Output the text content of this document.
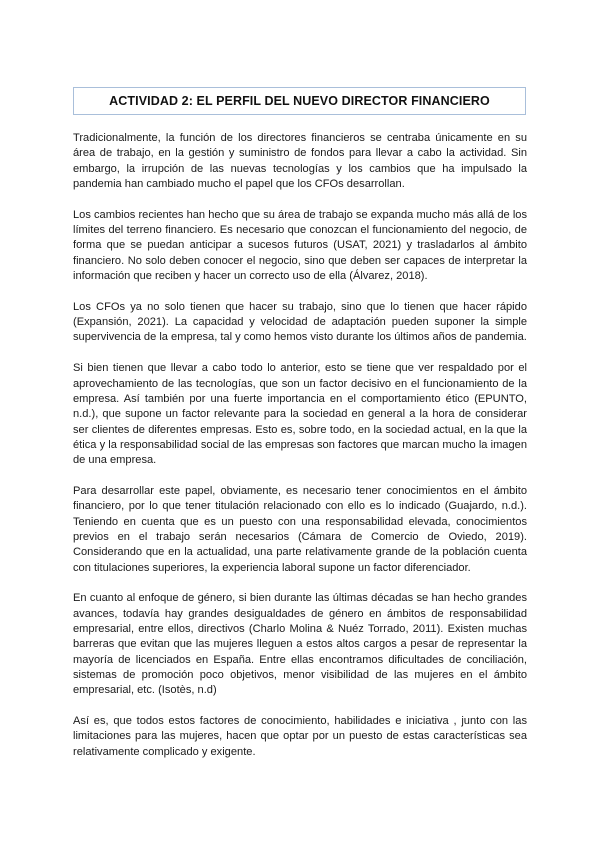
ACTIVIDAD 2: EL PERFIL DEL NUEVO DIRECTOR FINANCIERO

Tradicionalmente, la función de los directores financieros se centraba únicamente en su área de trabajo, en la gestión y suministro de fondos para llevar a cabo la actividad. Sin embargo, la irrupción de las nuevas tecnologías y los cambios que ha impulsado la pandemia han cambiado mucho el papel que los CFOs desarrollan.

Los cambios recientes han hecho que su área de trabajo se expanda mucho más allá de los límites del terreno financiero. Es necesario que conozcan el funcionamiento del negocio, de forma que se puedan anticipar a sucesos futuros (USAT, 2021) y trasladarlos al ámbito financiero. No solo deben conocer el negocio, sino que deben ser capaces de interpretar la información que reciben y hacer un correcto uso de ella (Álvarez, 2018).

Los CFOs ya no solo tienen que hacer su trabajo, sino que lo tienen que hacer rápido (Expansión, 2021). La capacidad y velocidad de adaptación pueden suponer la simple supervivencia de la empresa, tal y como hemos visto durante los últimos años de pandemia.

Si bien tienen que llevar a cabo todo lo anterior, esto se tiene que ver respaldado por el aprovechamiento de las tecnologías, que son un factor decisivo en el funcionamiento de la empresa. Así también por una fuerte importancia en el comportamiento ético (EPUNTO, n.d.), que supone un factor relevante para la sociedad en general a la hora de considerar ser clientes de diferentes empresas. Esto es, sobre todo, en la sociedad actual, en la que la ética y la responsabilidad social de las empresas son factores que marcan mucho la imagen de una empresa.

Para desarrollar este papel, obviamente, es necesario tener conocimientos en el ámbito financiero, por lo que tener titulación relacionado con ello es lo indicado (Guajardo, n.d.). Teniendo en cuenta que es un puesto con una responsabilidad elevada, conocimientos previos en el trabajo serán necesarios (Cámara de Comercio de Oviedo, 2019). Considerando que en la actualidad, una parte relativamente grande de la población cuenta con titulaciones superiores, la experiencia laboral supone un factor diferenciador.

En cuanto al enfoque de género, si bien durante las últimas décadas se han hecho grandes avances, todavía hay grandes desigualdades de género en ámbitos de responsabilidad empresarial, entre ellos, directivos (Charlo Molina & Nuéz Torrado, 2011). Existen muchas barreras que evitan que las mujeres lleguen a estos altos cargos a pesar de representar la mayoría de licenciados en España. Entre ellas encontramos dificultades de conciliación, sistemas de promoción poco objetivos, menor visibilidad de las mujeres en el ámbito empresarial, etc. (Isotès, n.d)

Así es, que todos estos factores de conocimiento, habilidades e iniciativa , junto con las limitaciones para las mujeres, hacen que optar por un puesto de estas características sea relativamente complicado y exigente.
